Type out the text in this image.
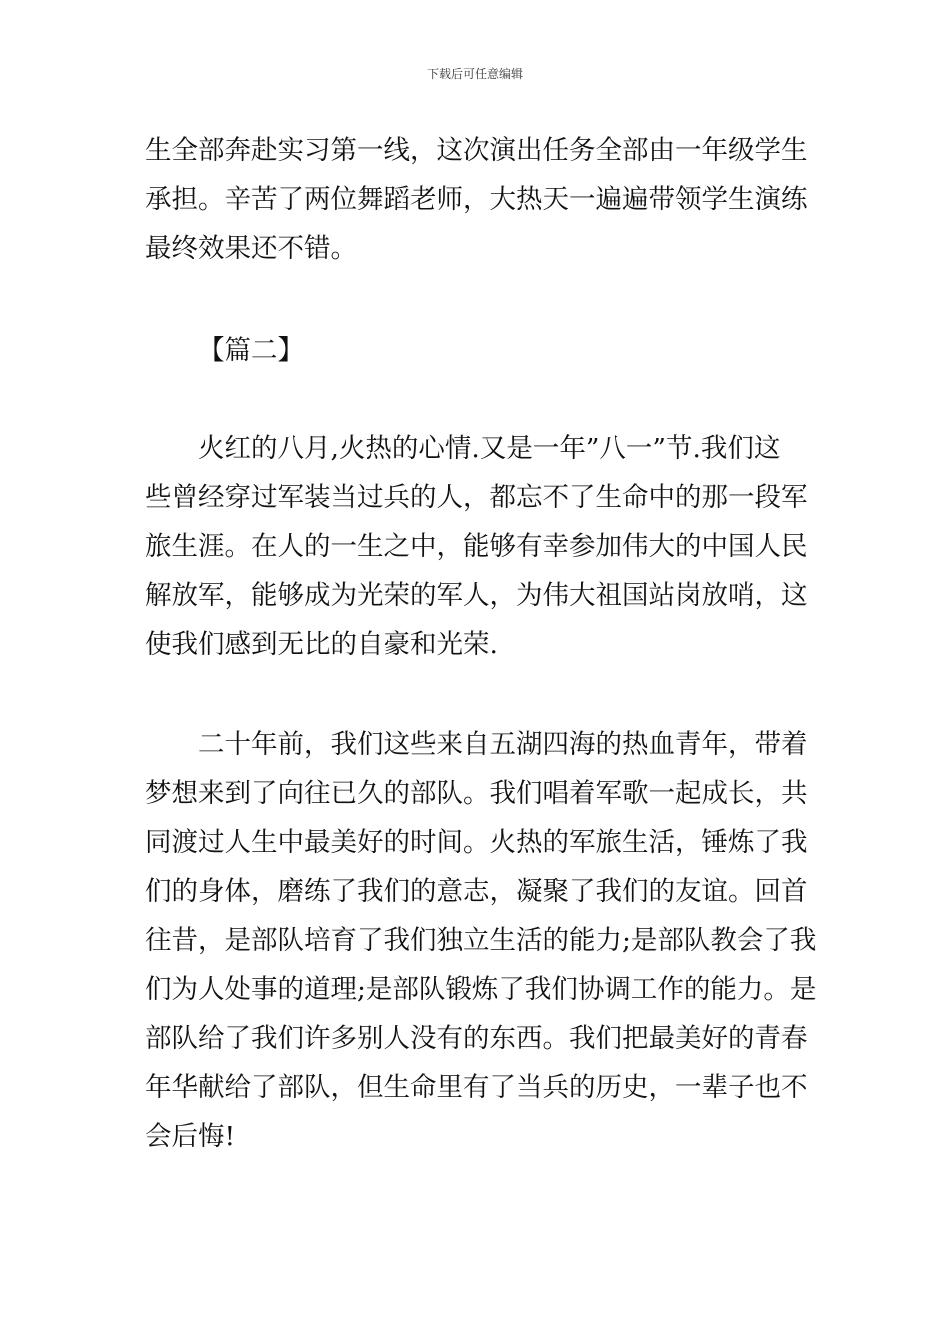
下载后可任意编辑
生全部奔赴实习第一线，这次演出任务全部由一年级学生
承担。辛苦了两位舞蹈老师，大热天一遍遍带领学生演练
最终效果还不错。
【篇二】
火红的八月,火热的心情.又是一年”八一”节.我们这
些曾经穿过军装当过兵的人，都忘不了生命中的那一段军
旅生涯。在人的一生之中，能够有幸参加伟大的中国人民
解放军，能够成为光荣的军人，为伟大祖国站岗放哨，这
使我们感到无比的自豪和光荣.
二十年前，我们这些来自五湖四海的热血青年，带着
梦想来到了向往已久的部队。我们唱着军歌一起成长，共
同渡过人生中最美好的时间。火热的军旅生活，锤炼了我
们的身体，磨练了我们的意志，凝聚了我们的友谊。回首
往昔，是部队培育了我们独立生活的能力;是部队教会了我
们为人处事的道理;是部队锻炼了我们协调工作的能力。是
部队给了我们许多别人没有的东西。我们把最美好的青春
年华献给了部队，但生命里有了当兵的历史，一辈子也不
会后悔!
